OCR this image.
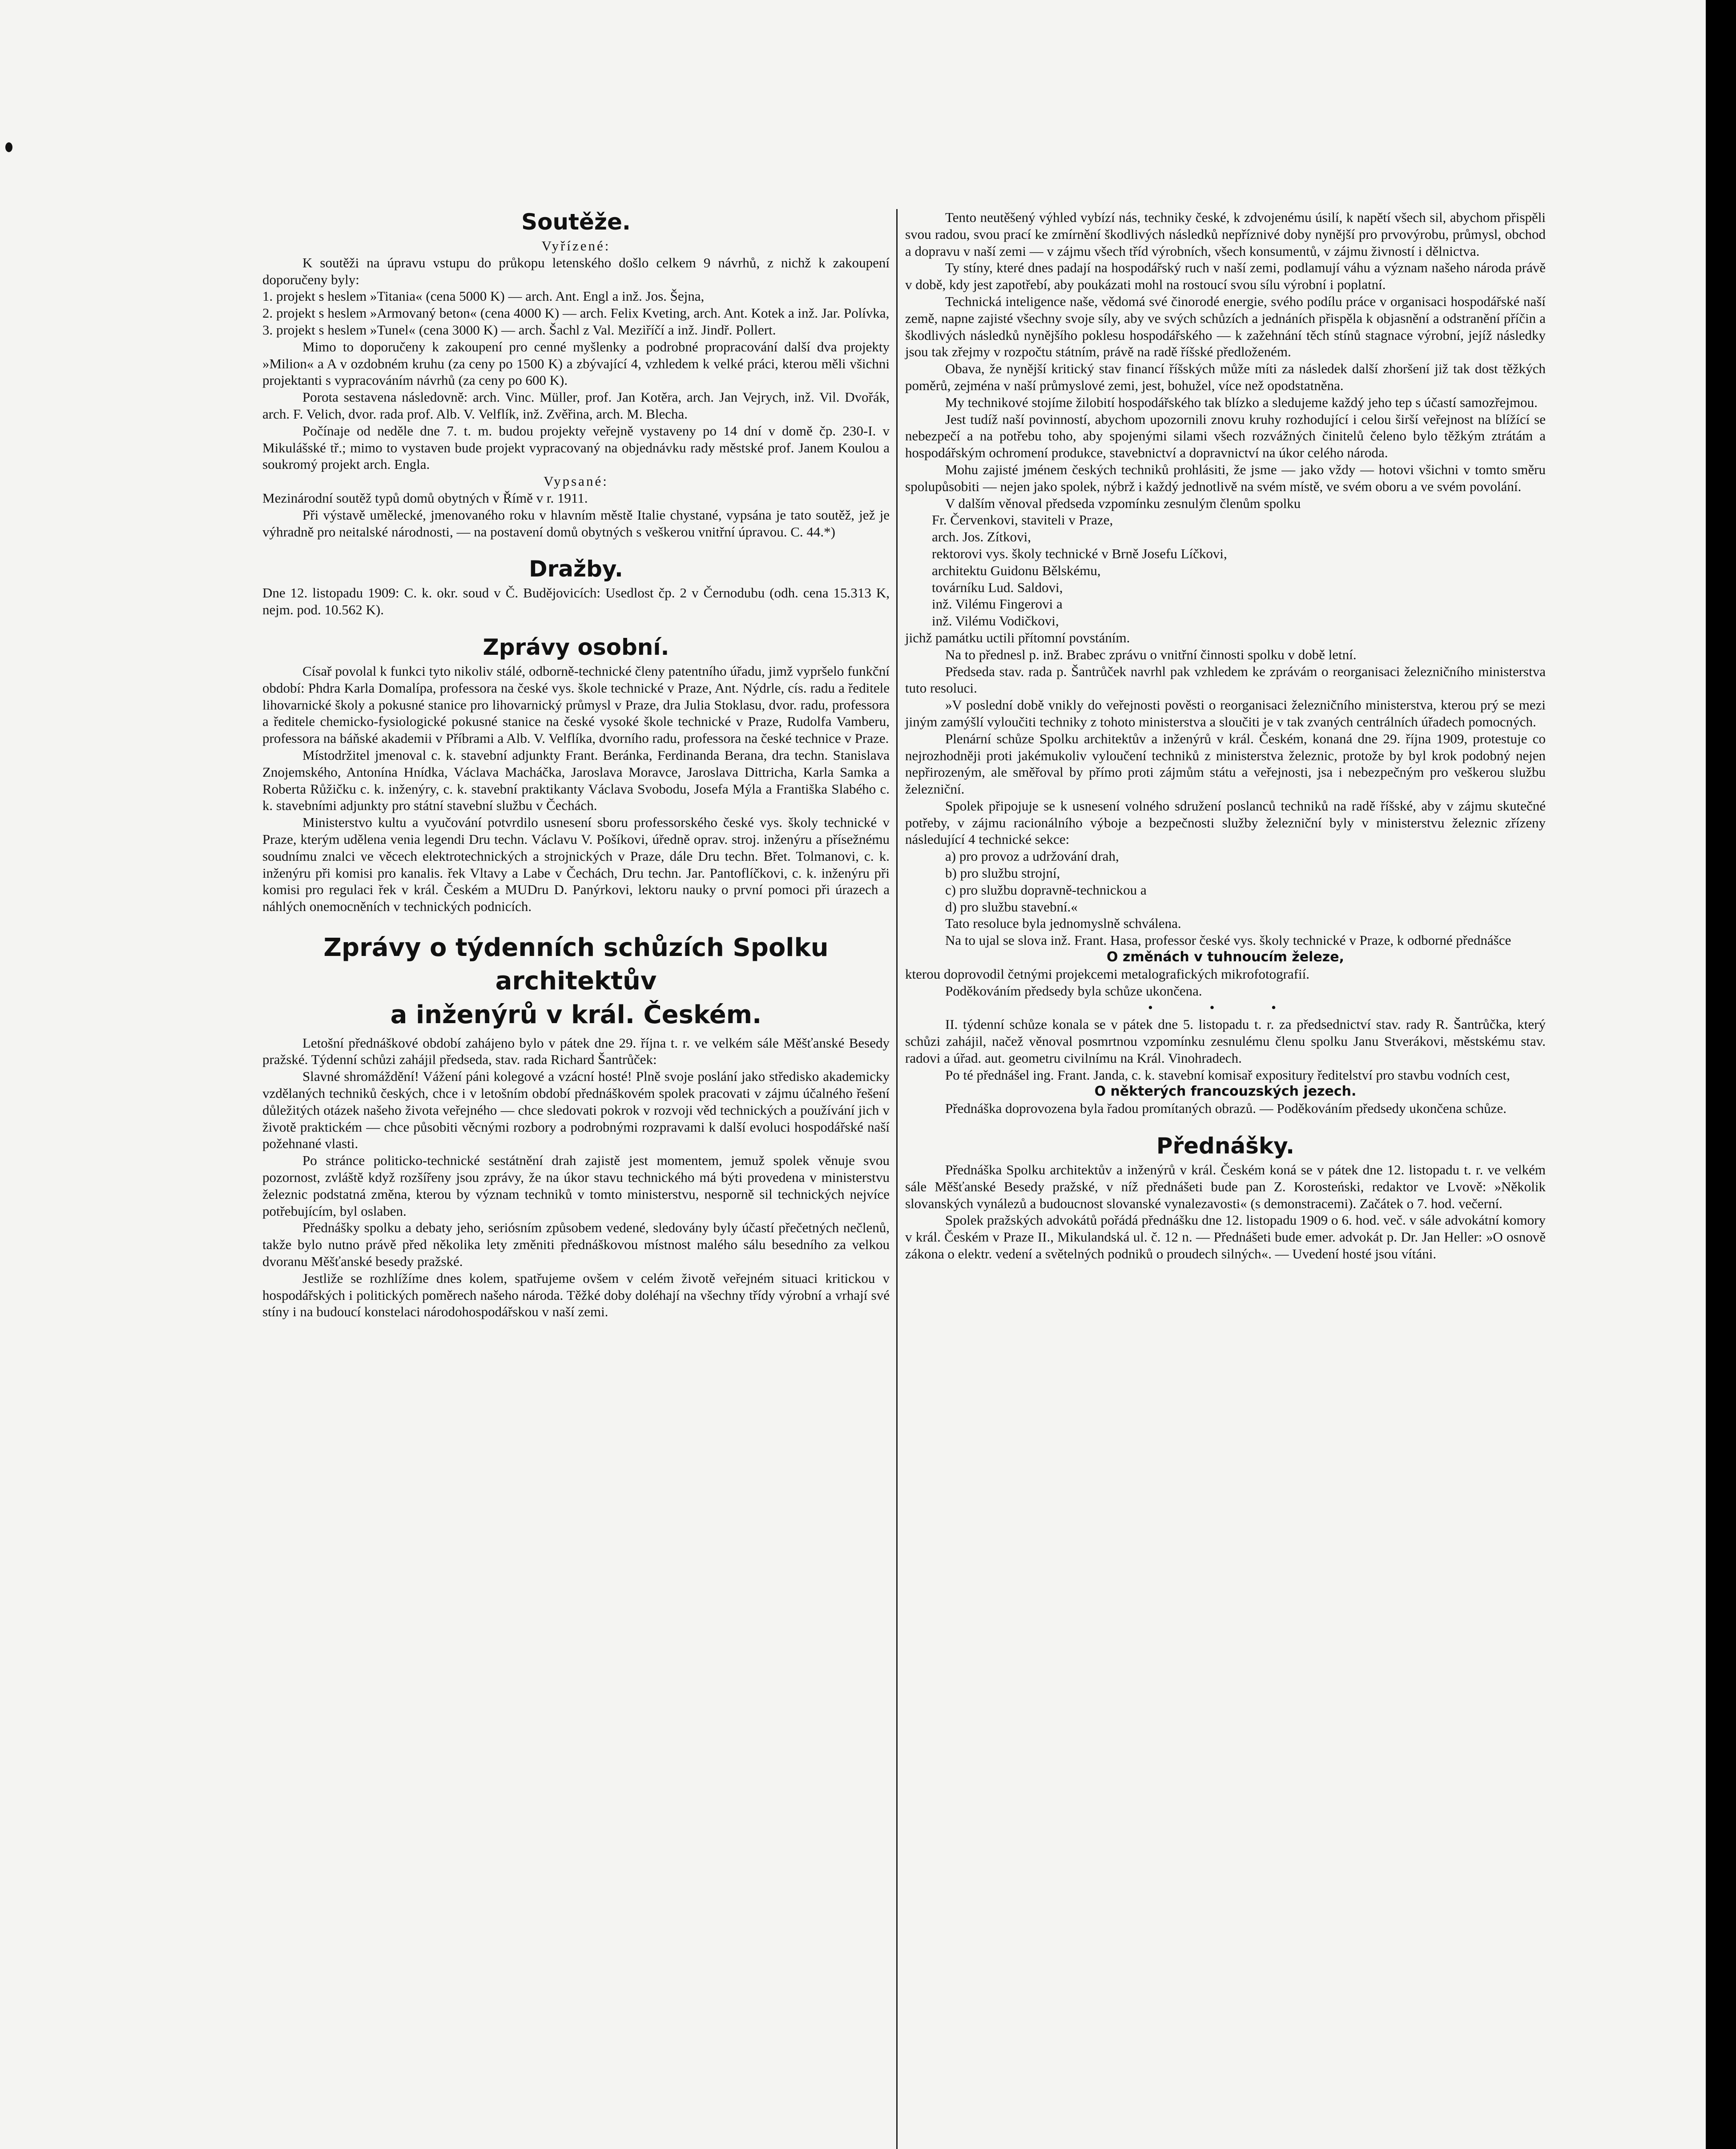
Soutěže.

Vyřízené:

K soutěži na úpravu vstupu do průkopu letenského došlo celkem 9 návrhů, z nichž k zakoupení doporučeny byly:

1. projekt s heslem »Titania« (cena 5000 K) — arch. Ant. Engl a inž. Jos. Šejna,

2. projekt s heslem »Armovaný beton« (cena 4000 K) — arch. Felix Kveting, arch. Ant. Kotek a inž. Jar. Polívka,

3. projekt s heslem »Tunel« (cena 3000 K) — arch. Šachl z Val. Meziříčí a inž. Jindř. Pollert.

Mimo to doporučeny k zakoupení pro cenné myšlenky a podrobné propracování další dva projekty »Milion« a A v ozdobném kruhu (za ceny po 1500 K) a zbývající 4, vzhledem k velké práci, kterou měli všichni projektanti s vypracováním návrhů (za ceny po 600 K).

Porota sestavena následovně: arch. Vinc. Müller, prof. Jan Kotěra, arch. Jan Vejrych, inž. Vil. Dvořák, arch. F. Velich, dvor. rada prof. Alb. V. Velflík, inž. Zvěřina, arch. M. Blecha.

Počínaje od neděle dne 7. t. m. budou projekty veřejně vystaveny po 14 dní v domě čp. 230-I. v Mikulášské tř.; mimo to vystaven bude projekt vypracovaný na objednávku rady městské prof. Janem Koulou a soukromý projekt arch. Engla.

Vypsané:

Mezinárodní soutěž typů domů obytných v Římě v r. 1911.

Při výstavě umělecké, jmenovaného roku v hlavním městě Italie chystané, vypsána je tato soutěž, jež je výhradně pro neitalské národnosti, — na postavení domů obytných s veškerou vnitřní úpravou. C. 44.*)

Dražby.

Dne 12. listopadu 1909: C. k. okr. soud v Č. Budějovicích: Usedlost čp. 2 v Černodubu (odh. cena 15.313 K, nejm. pod. 10.562 K).

Zprávy osobní.

Císař povolal k funkci tyto nikoliv stálé, odborně-technické členy patentního úřadu, jimž vypršelo funkční období: Phdra Karla Domalípa, professora na české vys. škole technické v Praze, Ant. Nýdrle, cís. radu a ředitele lihovarnické školy a pokusné stanice pro lihovarnický průmysl v Praze, dra Julia Stoklasu, dvor. radu, professora a ředitele chemicko-fysiologické pokusné stanice na české vysoké škole technické v Praze, Rudolfa Vamberu, professora na báňské akademii v Příbrami a Alb. V. Velflíka, dvorního radu, professora na české technice v Praze.

Místodržitel jmenoval c. k. stavební adjunkty Frant. Beránka, Ferdinanda Berana, dra techn. Stanislava Znojemského, Antonína Hnídka, Václava Macháčka, Jaroslava Moravce, Jaroslava Dittricha, Karla Samka a Roberta Růžičku c. k. inženýry, c. k. stavební praktikanty Václava Svobodu, Josefa Mýla a Františka Slabého c. k. stavebními adjunkty pro státní stavební službu v Čechách.

Ministerstvo kultu a vyučování potvrdilo usnesení sboru professorského české vys. školy technické v Praze, kterým udělena venia legendi Dru techn. Václavu V. Pošíkovi, úředně oprav. stroj. inženýru a přísežnému soudnímu znalci ve věcech elektrotechnických a strojnických v Praze, dále Dru techn. Břet. Tolmanovi, c. k. inženýru při komisi pro kanalis. řek Vltavy a Labe v Čechách, Dru techn. Jar. Pantoflíčkovi, c. k. inženýru při komisi pro regulaci řek v král. Českém a MUDru D. Panýrkovi, lektoru nauky o první pomoci při úrazech a náhlých onemocněních v technických podnicích.

Zprávy o týdenních schůzích Spolku architektův
a inženýrů v král. Českém.

Letošní přednáškové období zahájeno bylo v pátek dne 29. října t. r. ve velkém sále Měšťanské Besedy pražské. Týdenní schůzi zahájil předseda, stav. rada Richard Šantrůček:

Slavné shromáždění! Vážení páni kolegové a vzácní hosté! Plně svoje poslání jako středisko akademicky vzdělaných techniků českých, chce i v letošním období přednáškovém spolek pracovati v zájmu účalného řešení důležitých otázek našeho života veřejného — chce sledovati pokrok v rozvoji věd technických a používání jich v životě praktickém — chce působiti věcnými rozbory a podrobnými rozpravami k další evoluci hospodářské naší požehnané vlasti.

Po stránce politicko-technické sestátnění drah zajistě jest momentem, jemuž spolek věnuje svou pozornost, zvláště když rozšířeny jsou zprávy, že na úkor stavu technického má býti provedena v ministerstvu železnic podstatná změna, kterou by význam techniků v tomto ministerstvu, nesporně sil technických nejvíce potřebujícím, byl oslaben.

Přednášky spolku a debaty jeho, seriósním způsobem vedené, sledovány byly účastí přečetných nečlenů, takže bylo nutno právě před několika lety změniti přednáškovou místnost malého sálu besedního za velkou dvoranu Měšťanské besedy pražské.

Jestliže se rozhlížíme dnes kolem, spatřujeme ovšem v celém životě veřejném situaci kritickou v hospodářských i politických poměrech našeho národa. Těžké doby doléhají na všechny třídy výrobní a vrhají své stíny i na budoucí konstelaci národohospodářskou v naší zemi.

Tento neutěšený výhled vybízí nás, techniky české, k zdvojenému úsilí, k napětí všech sil, abychom přispěli svou radou, svou prací ke zmírnění škodlivých následků nepříznivé doby nynější pro prvovýrobu, průmysl, obchod a dopravu v naší zemi — v zájmu všech tříd výrobních, všech konsumentů, v zájmu živností i dělnictva.

Ty stíny, které dnes padají na hospodářský ruch v naší zemi, podlamují váhu a význam našeho národa právě v době, kdy jest zapotřebí, aby poukázati mohl na rostoucí svou sílu výrobní i poplatní.

Technická inteligence naše, vědomá své činorodé energie, svého podílu práce v organisaci hospodářské naší země, napne zajisté všechny svoje síly, aby ve svých schůzích a jednáních přispěla k objasnění a odstranění příčin a škodlivých následků nynějšího poklesu hospodářského — k zažehnání těch stínů stagnace výrobní, jejíž následky jsou tak zřejmy v rozpočtu státním, právě na radě říšské předloženém.

Obava, že nynější kritický stav financí říšských může míti za následek další zhoršení již tak dost těžkých poměrů, zejména v naší průmyslové zemi, jest, bohužel, více než opodstatněna.

My technikové stojíme žilobití hospodářského tak blízko a sledujeme každý jeho tep s účastí samozřejmou.

Jest tudíž naší povinností, abychom upozornili znovu kruhy rozhodující i celou širší veřejnost na blížící se nebezpečí a na potřebu toho, aby spojenými silami všech rozvážných činitelů čeleno bylo těžkým ztrátám a hospodářským ochromení produkce, stavebnictví a dopravnictví na úkor celého národa.

Mohu zajisté jménem českých techniků prohlásiti, že jsme — jako vždy — hotovi všichni v tomto směru spolupůsobiti — nejen jako spolek, nýbrž i každý jednotlivě na svém místě, ve svém oboru a ve svém povolání.

V dalším věnoval předseda vzpomínku zesnulým členům spolku

Fr. Červenkovi, staviteli v Praze,

arch. Jos. Zítkovi,

rektorovi vys. školy technické v Brně Josefu Líčkovi,

architektu Guidonu Bělskému,

továrníku Lud. Saldovi,

inž. Vilému Fingerovi a

inž. Vilému Vodičkovi,

jichž památku uctili přítomní povstáním.

Na to přednesl p. inž. Brabec zprávu o vnitřní činnosti spolku v době letní.

Předseda stav. rada p. Šantrůček navrhl pak vzhledem ke zprávám o reorganisaci železničního ministerstva tuto resoluci.

»V poslední době vnikly do veřejnosti pověsti o reorganisaci železničního ministerstva, kterou prý se mezi jiným zamýšlí vyloučiti techniky z tohoto ministerstva a sloučiti je v tak zvaných centrálních úřadech pomocných.

Plenární schůze Spolku architektův a inženýrů v král. Českém, konaná dne 29. října 1909, protestuje co nejrozhodněji proti jakémukoliv vyloučení techniků z ministerstva železnic, protože by byl krok podobný nejen nepřirozeným, ale směřoval by přímo proti zájmům státu a veřejnosti, jsa i nebezpečným pro veškerou službu železniční.

Spolek připojuje se k usnesení volného sdružení poslanců techniků na radě říšské, aby v zájmu skutečné potřeby, v zájmu racionálního výboje a bezpečnosti služby železniční byly v ministerstvu železnic zřízeny následující 4 technické sekce:

a) pro provoz a udržování drah,

b) pro službu strojní,

c) pro službu dopravně-technickou a

d) pro službu stavební.«

Tato resoluce byla jednomyslně schválena.

Na to ujal se slova inž. Frant. Hasa, professor české vys. školy technické v Praze, k odborné přednášce

O změnách v tuhnoucím železe,

kterou doprovodil četnými projekcemi metalografických mikrofotografií.

Poděkováním předsedy byla schůze ukončena.

• • •

II. týdenní schůze konala se v pátek dne 5. listopadu t. r. za předsednictví stav. rady R. Šantrůčka, který schůzi zahájil, načež věnoval posmrtnou vzpomínku zesnulému členu spolku Janu Stverákovi, městskému stav. radovi a úřad. aut. geometru civilnímu na Král. Vinohradech.

Po té přednášel ing. Frant. Janda, c. k. stavební komisař expositury ředitelství pro stavbu vodních cest,

O některých francouzských jezech.

Přednáška doprovozena byla řadou promítaných obrazů. — Poděkováním předsedy ukončena schůze.

Přednášky.

Přednáška Spolku architektův a inženýrů v král. Českém koná se v pátek dne 12. listopadu t. r. ve velkém sále Měšťanské Besedy pražské, v níž přednášeti bude pan Z. Korosteński, redaktor ve Lvově: »Několik slovanských vynálezů a budoucnost slovanské vynalezavosti« (s demonstracemi). Začátek o 7. hod. večerní.

Spolek pražských advokátů pořádá přednášku dne 12. listopadu 1909 o 6. hod. več. v sále advokátní komory v král. Českém v Praze II., Mikulandská ul. č. 12 n. — Přednášeti bude emer. advokát p. Dr. Jan Heller: »O osnově zákona o elektr. vedení a světelných podniků o proudech silných«. — Uvedení hosté jsou vítáni.
